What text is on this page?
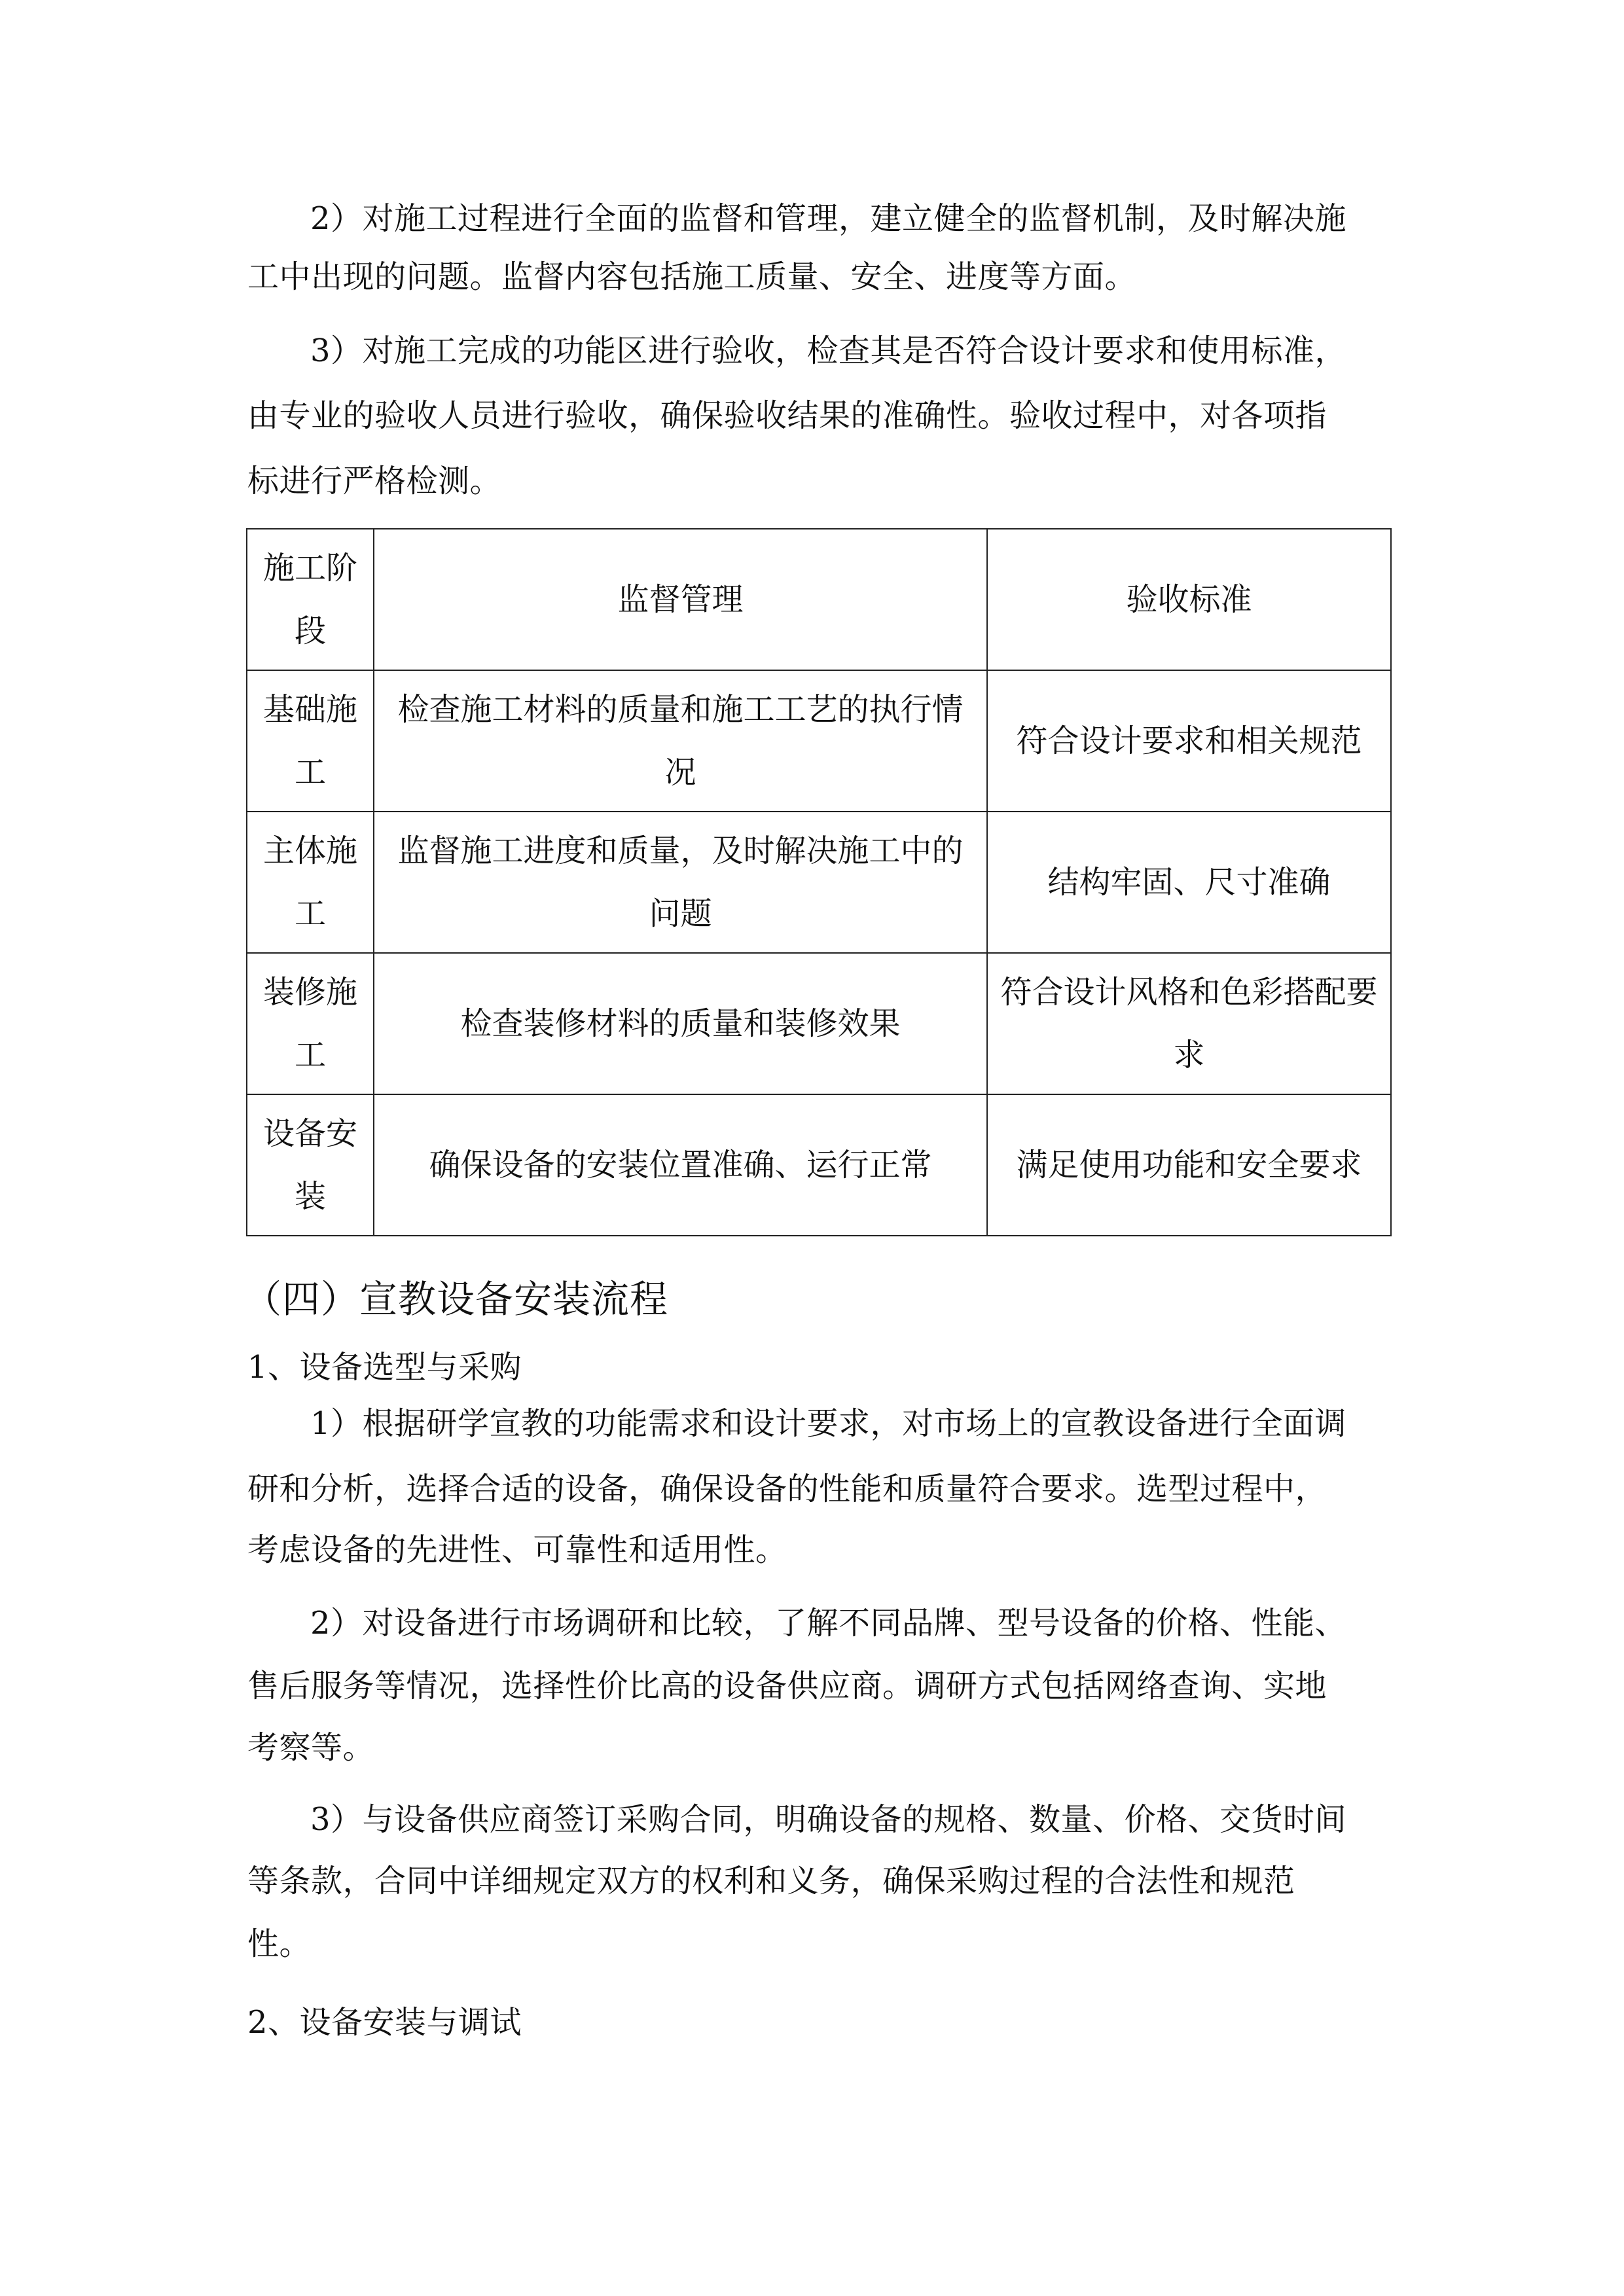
2）对施工过程进行全面的监督和管理，建立健全的监督机制，及时解决施
工中出现的问题。监督内容包括施工质量、安全、进度等方面。
3）对施工完成的功能区进行验收，检查其是否符合设计要求和使用标准，
由专业的验收人员进行验收，确保验收结果的准确性。验收过程中，对各项指
标进行严格检测。
施工阶段	监督管理	验收标准
基础施工	检查施工材料的质量和施工工艺的执行情况	符合设计要求和相关规范
主体施工	监督施工进度和质量，及时解决施工中的问题	结构牢固、尺寸准确
装修施工	检查装修材料的质量和装修效果	符合设计风格和色彩搭配要求
设备安装	确保设备的安装位置准确、运行正常	满足使用功能和安全要求
（四）宣教设备安装流程
1、设备选型与采购
1）根据研学宣教的功能需求和设计要求，对市场上的宣教设备进行全面调
研和分析，选择合适的设备，确保设备的性能和质量符合要求。选型过程中，
考虑设备的先进性、可靠性和适用性。
2）对设备进行市场调研和比较，了解不同品牌、型号设备的价格、性能、
售后服务等情况，选择性价比高的设备供应商。调研方式包括网络查询、实地
考察等。
3）与设备供应商签订采购合同，明确设备的规格、数量、价格、交货时间
等条款，合同中详细规定双方的权利和义务，确保采购过程的合法性和规范
性。
2、设备安装与调试
